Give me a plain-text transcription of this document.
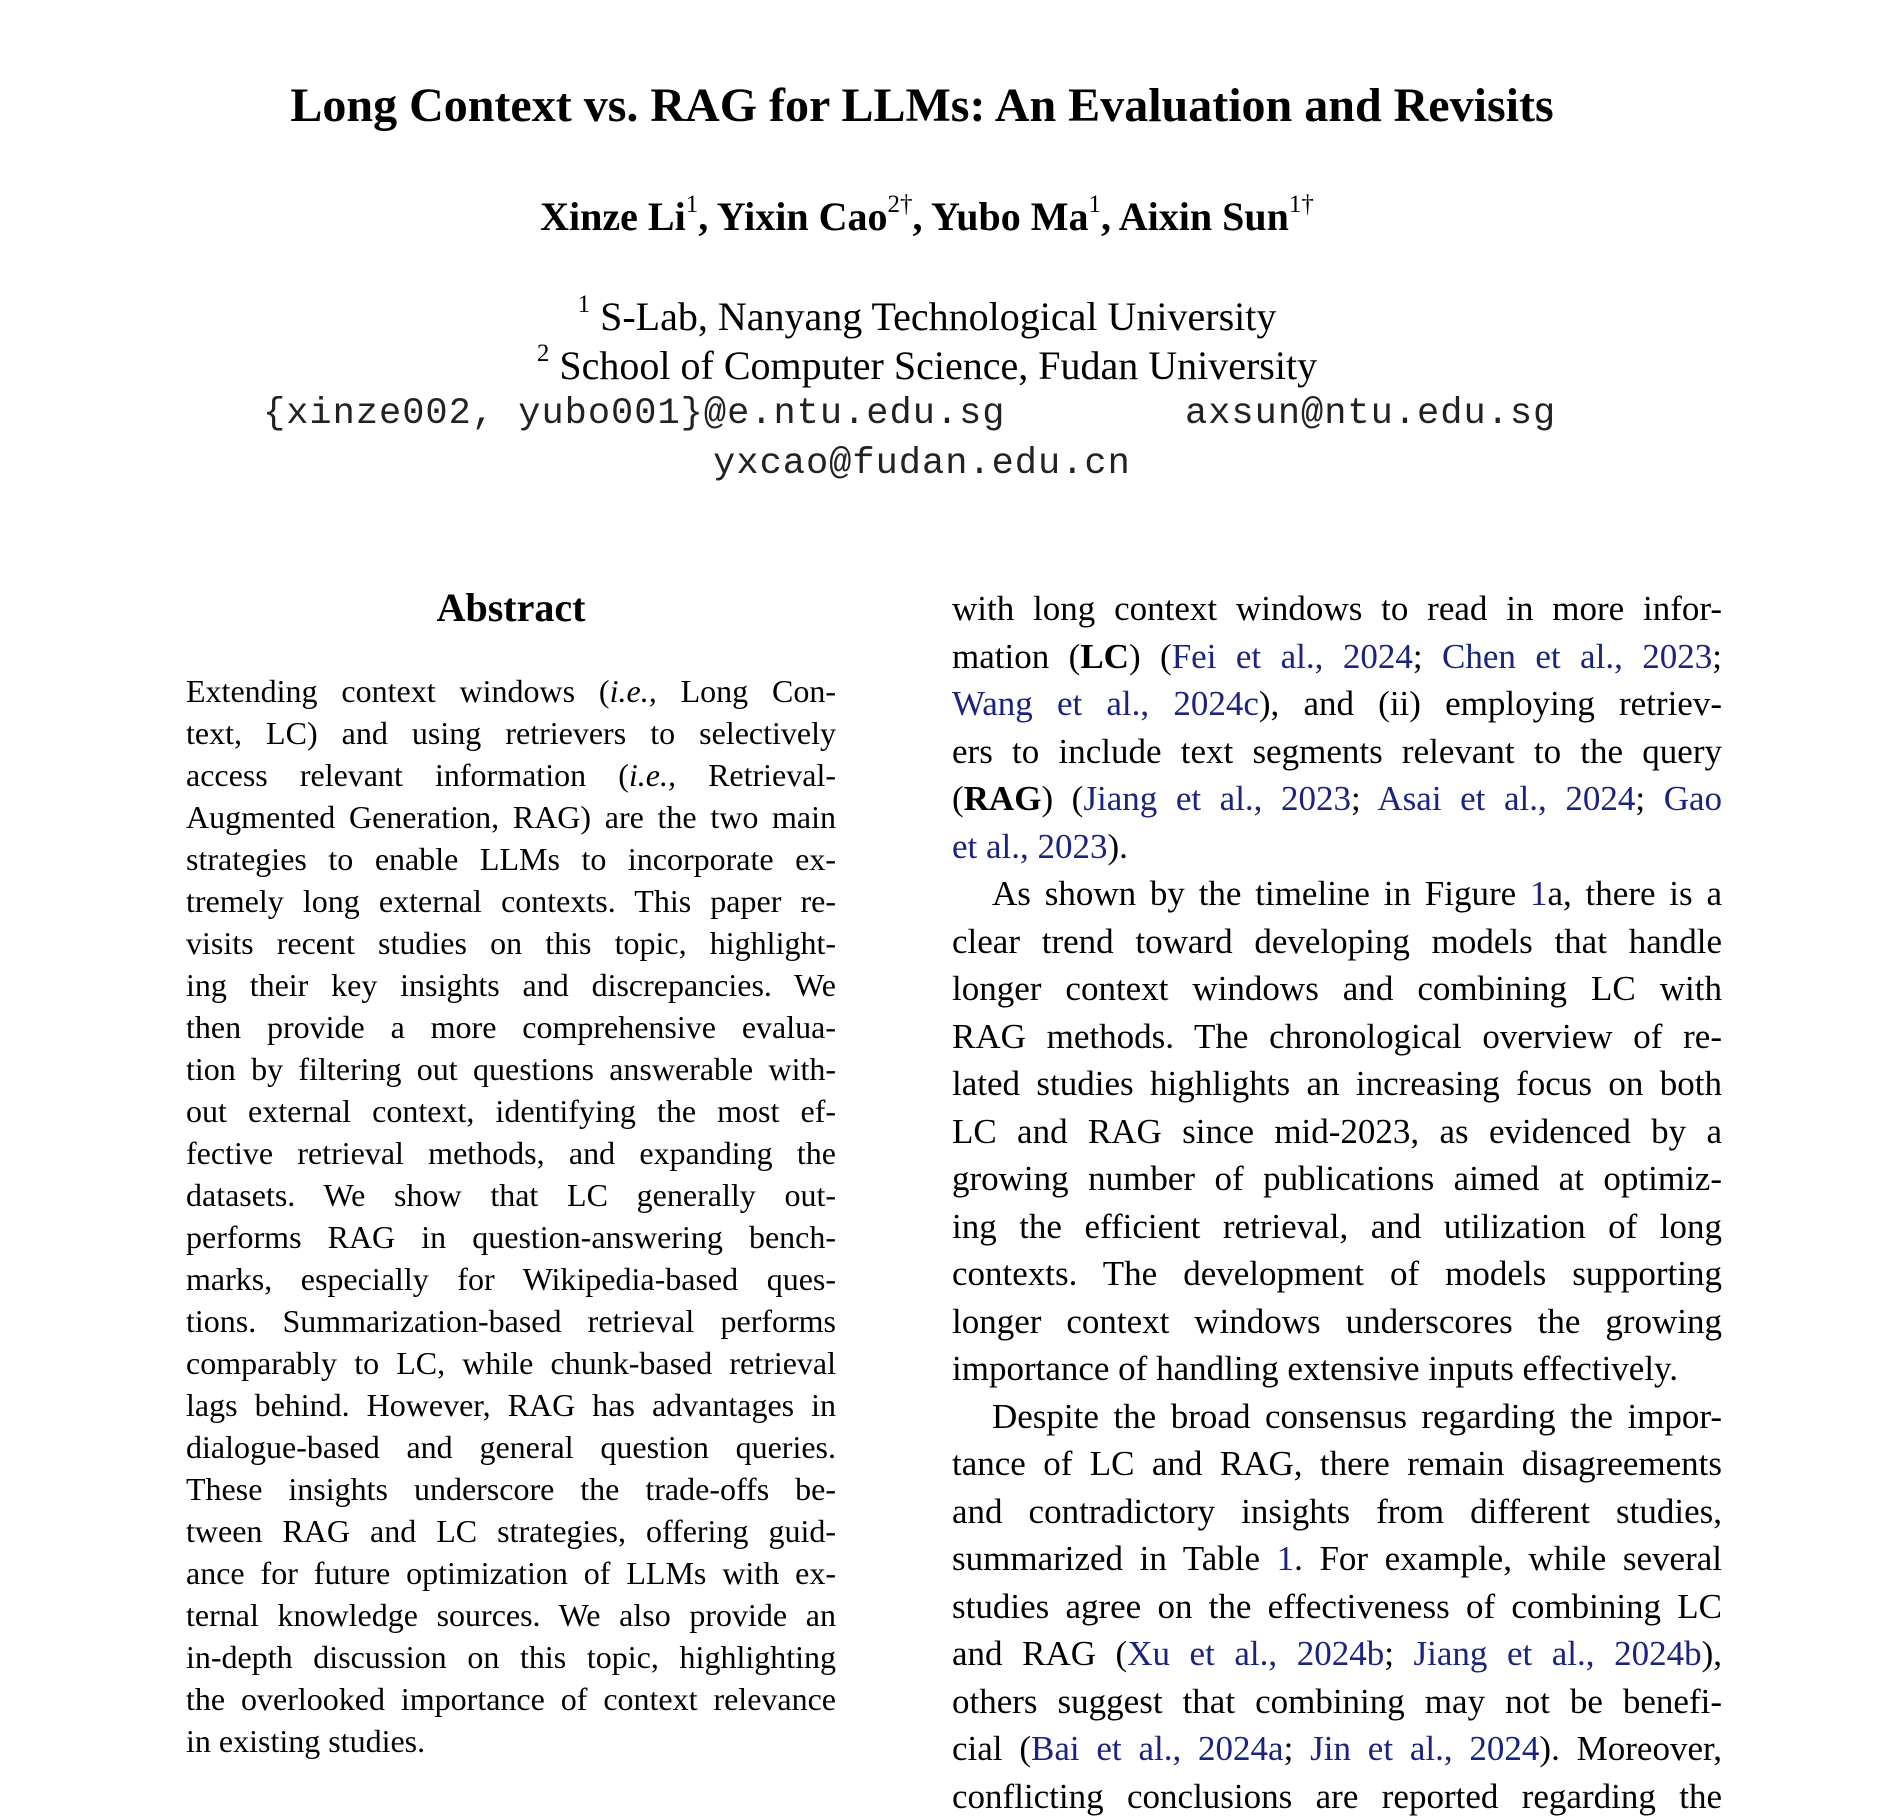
Long Context vs. RAG for LLMs: An Evaluation and Revisits
Xinze Li$^1$, Yixin Cao$^{2\dagger}$, Yubo Ma$^1$, Aixin Sun$^{1\dagger}$
$^1$ S-Lab, Nanyang Technological University
$^2$ School of Computer Science, Fudan University
{xinze002, yubo001}@e.ntu.edu.sg	axsun@ntu.edu.sg
yxcao@fudan.edu.cn
Abstract
Extending context windows (i.e., Long Con-
text, LC) and using retrievers to selectively
access relevant information (i.e., Retrieval-
Augmented Generation, RAG) are the two main
strategies to enable LLMs to incorporate ex-
tremely long external contexts. This paper re-
visits recent studies on this topic, highlight-
ing their key insights and discrepancies. We
then provide a more comprehensive evalua-
tion by filtering out questions answerable with-
out external context, identifying the most ef-
fective retrieval methods, and expanding the
datasets. We show that LC generally out-
performs RAG in question-answering bench-
marks, especially for Wikipedia-based ques-
tions. Summarization-based retrieval performs
comparably to LC, while chunk-based retrieval
lags behind. However, RAG has advantages in
dialogue-based and general question queries.
These insights underscore the trade-offs be-
tween RAG and LC strategies, offering guid-
ance for future optimization of LLMs with ex-
ternal knowledge sources. We also provide an
in-depth discussion on this topic, highlighting
the overlooked importance of context relevance
in existing studies.
with long context windows to read in more infor-
mation (LC) (Fei et al., 2024; Chen et al., 2023;
Wang et al., 2024c), and (ii) employing retriev-
ers to include text segments relevant to the query
(RAG) (Jiang et al., 2023; Asai et al., 2024; Gao
et al., 2023).
As shown by the timeline in Figure 1a, there is a
clear trend toward developing models that handle
longer context windows and combining LC with
RAG methods. The chronological overview of re-
lated studies highlights an increasing focus on both
LC and RAG since mid-2023, as evidenced by a
growing number of publications aimed at optimiz-
ing the efficient retrieval, and utilization of long
contexts. The development of models supporting
longer context windows underscores the growing
importance of handling extensive inputs effectively.
Despite the broad consensus regarding the impor-
tance of LC and RAG, there remain disagreements
and contradictory insights from different studies,
summarized in Table 1. For example, while several
studies agree on the effectiveness of combining LC
and RAG (Xu et al., 2024b; Jiang et al., 2024b),
others suggest that combining may not be benefi-
cial (Bai et al., 2024a; Jin et al., 2024). Moreover,
conflicting conclusions are reported regarding the
